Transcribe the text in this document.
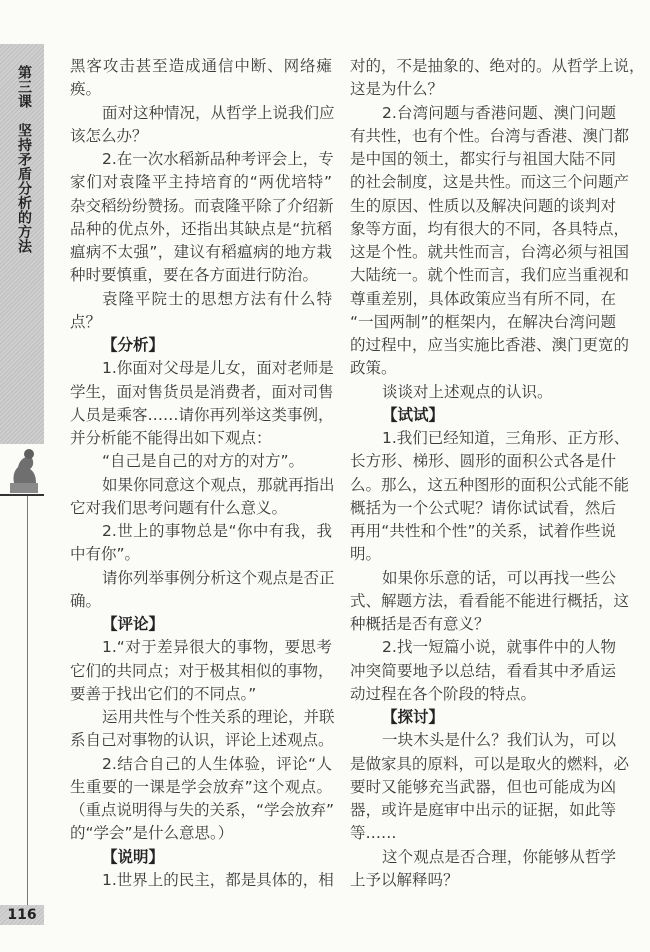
第三课　坚持矛盾分析的方法
116
黑客攻击甚至造成通信中断、网络瘫
痪。
面对这种情况，从哲学上说我们应
该怎么办？
2.在一次水稻新品种考评会上，专
家们对袁隆平主持培育的“两优培特”
杂交稻纷纷赞扬。而袁隆平除了介绍新
品种的优点外，还指出其缺点是“抗稻
瘟病不太强”，建议有稻瘟病的地方栽
种时要慎重，要在各方面进行防治。
袁隆平院士的思想方法有什么特
点？
【分析】
1.你面对父母是儿女，面对老师是
学生，面对售货员是消费者，面对司售
人员是乘客……请你再列举这类事例，
并分析能不能得出如下观点：
“自己是自己的对方的对方”。
如果你同意这个观点，那就再指出
它对我们思考问题有什么意义。
2.世上的事物总是“你中有我，我
中有你”。
请你列举事例分析这个观点是否正
确。
【评论】
1.“对于差异很大的事物，要思考
它们的共同点；对于极其相似的事物，
要善于找出它们的不同点。”
运用共性与个性关系的理论，并联
系自己对事物的认识，评论上述观点。
2.结合自己的人生体验，评论“人
生重要的一课是学会放弃”这个观点。
（重点说明得与失的关系，“学会放弃”
的“学会”是什么意思。）
【说明】
1.世界上的民主，都是具体的，相
对的，不是抽象的、绝对的。从哲学上说，
这是为什么？
2.台湾问题与香港问题、澳门问题
有共性，也有个性。台湾与香港、澳门都
是中国的领土，都实行与祖国大陆不同
的社会制度，这是共性。而这三个问题产
生的原因、性质以及解决问题的谈判对
象等方面，均有很大的不同，各具特点，
这是个性。就共性而言，台湾必须与祖国
大陆统一。就个性而言，我们应当重视和
尊重差别，具体政策应当有所不同，在
“一国两制”的框架内，在解决台湾问题
的过程中，应当实施比香港、澳门更宽的
政策。
谈谈对上述观点的认识。
【试试】
1.我们已经知道，三角形、正方形、
长方形、梯形、圆形的面积公式各是什
么。那么，这五种图形的面积公式能不能
概括为一个公式呢？请你试试看，然后
再用“共性和个性”的关系，试着作些说
明。
如果你乐意的话，可以再找一些公
式、解题方法，看看能不能进行概括，这
种概括是否有意义？
2.找一短篇小说，就事件中的人物
冲突简要地予以总结，看看其中矛盾运
动过程在各个阶段的特点。
【探讨】
一块木头是什么？我们认为，可以
是做家具的原料，可以是取火的燃料，必
要时又能够充当武器，但也可能成为凶
器，或许是庭审中出示的证据，如此等
等……
这个观点是否合理，你能够从哲学
上予以解释吗？
